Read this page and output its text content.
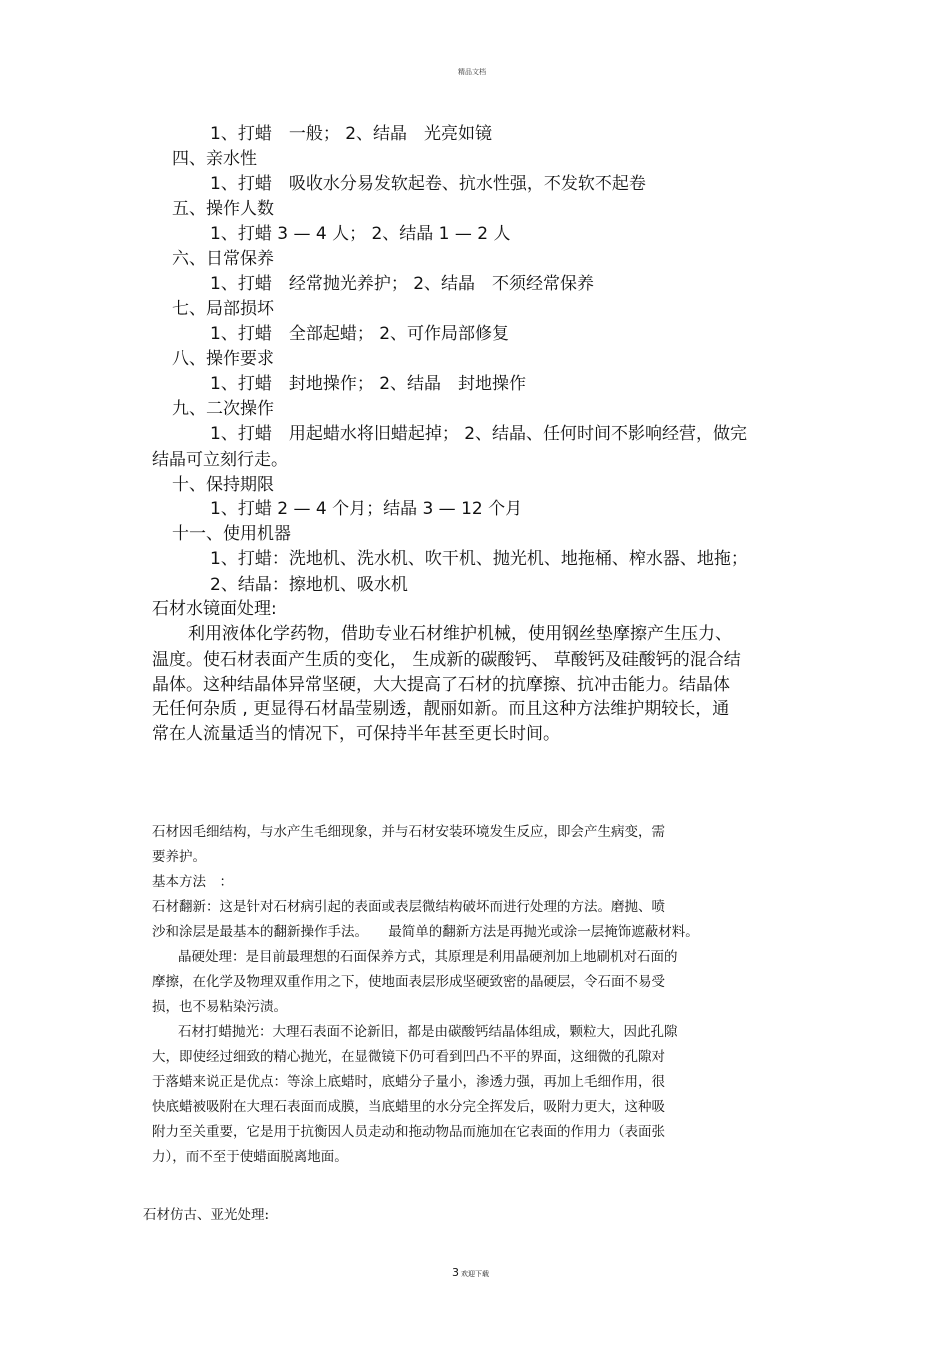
精品文档

1、打蜡　一般； 2、结晶　光亮如镜

四、亲水性

1、打蜡　吸收水分易发软起卷、抗水性强，不发软不起卷

五、操作人数

1、打蜡 3 — 4 人； 2、结晶 1 — 2 人

六、日常保养

1、打蜡　经常抛光养护； 2、结晶　不须经常保养

七、局部损坏

1、打蜡　全部起蜡； 2、可作局部修复

八、操作要求

1、打蜡　封地操作； 2、结晶　封地操作

九、二次操作

1、打蜡　用起蜡水将旧蜡起掉； 2、结晶、任何时间不影响经营，做完

结晶可立刻行走。

十、保持期限

1、打蜡 2 — 4 个月；结晶 3 — 12 个月

十一、使用机器

1、打蜡：洗地机、洗水机、吹干机、抛光机、地拖桶、榨水器、地拖；

2、结晶：擦地机、吸水机

石材水镜面处理:

利用液体化学药物，借助专业石材维护机械，使用钢丝垫摩擦产生压力、

温度。使石材表面产生质的变化， 生成新的碳酸钙、 草酸钙及硅酸钙的混合结

晶体。这种结晶体异常坚硬，大大提高了石材的抗摩擦、抗冲击能力。结晶体

无任何杂质 , 更显得石材晶莹剔透，靓丽如新。而且这种方法维护期较长，通

常在人流量适当的情况下，可保持半年甚至更长时间。

石材因毛细结构，与水产生毛细现象，并与石材安装环境发生反应，即会产生病变，需

要养护。

基本方法　：

石材翻新：这是针对石材病引起的表面或表层微结构破坏而进行处理的方法。磨抛、喷

沙和涂层是最基本的翻新操作手法。　　最简单的翻新方法是再抛光或涂一层掩饰遮蔽材料。

晶硬处理：是目前最理想的石面保养方式，其原理是利用晶硬剂加上地刷机对石面的

摩擦，在化学及物理双重作用之下，使地面表层形成坚硬致密的晶硬层，令石面不易受

损，也不易粘染污渍。

石材打蜡抛光：大理石表面不论新旧，都是由碳酸钙结晶体组成，颗粒大，因此孔隙

大，即使经过细致的精心抛光，在显微镜下仍可看到凹凸不平的界面，这细微的孔隙对

于落蜡来说正是优点：等涂上底蜡时，底蜡分子量小，渗透力强，再加上毛细作用，很

快底蜡被吸附在大理石表面而成膜，当底蜡里的水分完全挥发后，吸附力更大，这种吸

附力至关重要，它是用于抗衡因人员走动和拖动物品而施加在它表面的作用力（表面张

力），而不至于使蜡面脱离地面。

石材仿古、亚光处理:

3 欢迎下载
